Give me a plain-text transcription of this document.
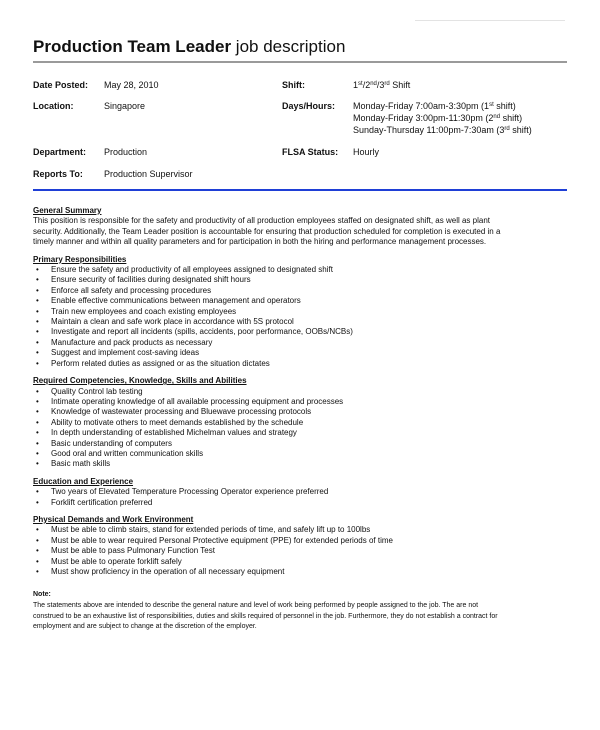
Production Team Leader job description
Date Posted: May 28, 2010
Location:	Singapore
Department: Production
Reports To: Production Supervisor
Shift:	1st/2nd/3rd Shift
Days/Hours: Monday-Friday 7:00am-3:30pm (1st shift)
Monday-Friday 3:00pm-11:30pm (2nd shift)
Sunday-Thursday 11:00pm-7:30am (3rd shift)
FLSA Status: Hourly
General Summary
This position is responsible for the safety and productivity of all production employees staffed on designated shift, as well as plant
security. Additionally, the Team Leader position is accountable for ensuring that production scheduled for completion is executed in a
timely manner and within all quality parameters and for participation in both the hiring and performance management processes.
Primary Responsibilities
• Ensure the safety and productivity of all employees assigned to designated shift
• Ensure security of facilities during designated shift hours
• Enforce all safety and processing procedures
• Enable effective communications between management and operators
• Train new employees and coach existing employees
• Maintain a clean and safe work place in accordance with 5S protocol
• Investigate and report all incidents (spills, accidents, poor performance, OOBs/NCBs)
• Manufacture and pack products as necessary
• Suggest and implement cost-saving ideas
• Perform related duties as assigned or as the situation dictates
Required Competencies, Knowledge, Skills and Abilities
• Quality Control lab testing
• Intimate operating knowledge of all available processing equipment and processes
• Knowledge of wastewater processing and Bluewave processing protocols
• Ability to motivate others to meet demands established by the schedule
• In depth understanding of established Michelman values and strategy
• Basic understanding of computers
• Good oral and written communication skills
• Basic math skills
Education and Experience
• Two years of Elevated Temperature Processing Operator experience preferred
• Forklift certification preferred
Physical Demands and Work Environment
• Must be able to climb stairs, stand for extended periods of time, and safely lift up to 100lbs
• Must be able to wear required Personal Protective equipment (PPE) for extended periods of time
• Must be able to pass Pulmonary Function Test
• Must be able to operate forklift safely
• Must show proficiency in the operation of all necessary equipment
Note:
The statements above are intended to describe the general nature and level of work being performed by people assigned to the job. The are not
construed to be an exhaustive list of responsibilities, duties and skills required of personnel in the job. Furthermore, they do not establish a contract for
employment and are subject to change at the discretion of the employer.
